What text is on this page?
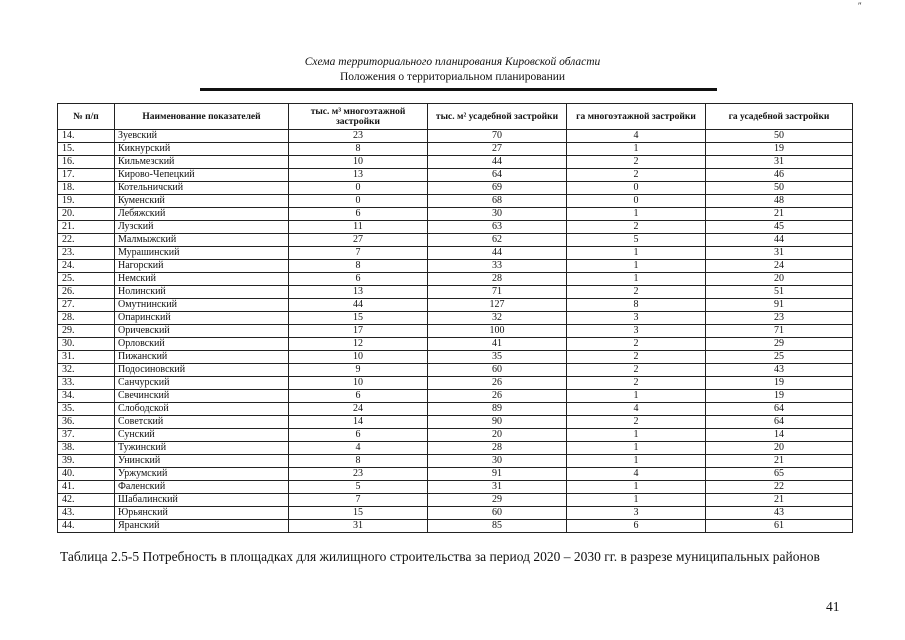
″
Схема территориального планирования Кировской области
Положения о территориальном планировании
№ п/п	Наименование показателей	тыс. м³ многоэтажной застройки	тыс. м² усадебной застройки	га многоэтажной застройки	га усадебной застройки
14.	Зуевский	23	70	4	50
15.	Кикнурский	8	27	1	19
16.	Кильмезский	10	44	2	31
17.	Кирово-Чепецкий	13	64	2	46
18.	Котельничский	0	69	0	50
19.	Куменский	0	68	0	48
20.	Лебяжский	6	30	1	21
21.	Лузский	11	63	2	45
22.	Малмыжский	27	62	5	44
23.	Мурашинский	7	44	1	31
24.	Нагорский	8	33	1	24
25.	Немский	6	28	1	20
26.	Нолинский	13	71	2	51
27.	Омутнинский	44	127	8	91
28.	Опаринский	15	32	3	23
29.	Оричевский	17	100	3	71
30.	Орловский	12	41	2	29
31.	Пижанский	10	35	2	25
32.	Подосиновский	9	60	2	43
33.	Санчурский	10	26	2	19
34.	Свечинский	6	26	1	19
35.	Слободской	24	89	4	64
36.	Советский	14	90	2	64
37.	Сунский	6	20	1	14
38.	Тужинский	4	28	1	20
39.	Унинский	8	30	1	21
40.	Уржумский	23	91	4	65
41.	Фаленский	5	31	1	22
42.	Шабалинский	7	29	1	21
43.	Юрьянский	15	60	3	43
44.	Яранский	31	85	6	61
Таблица 2.5-5 Потребность в площадках для жилищного строительства за период 2020 – 2030 гг. в разрезе муниципальных районов
41
